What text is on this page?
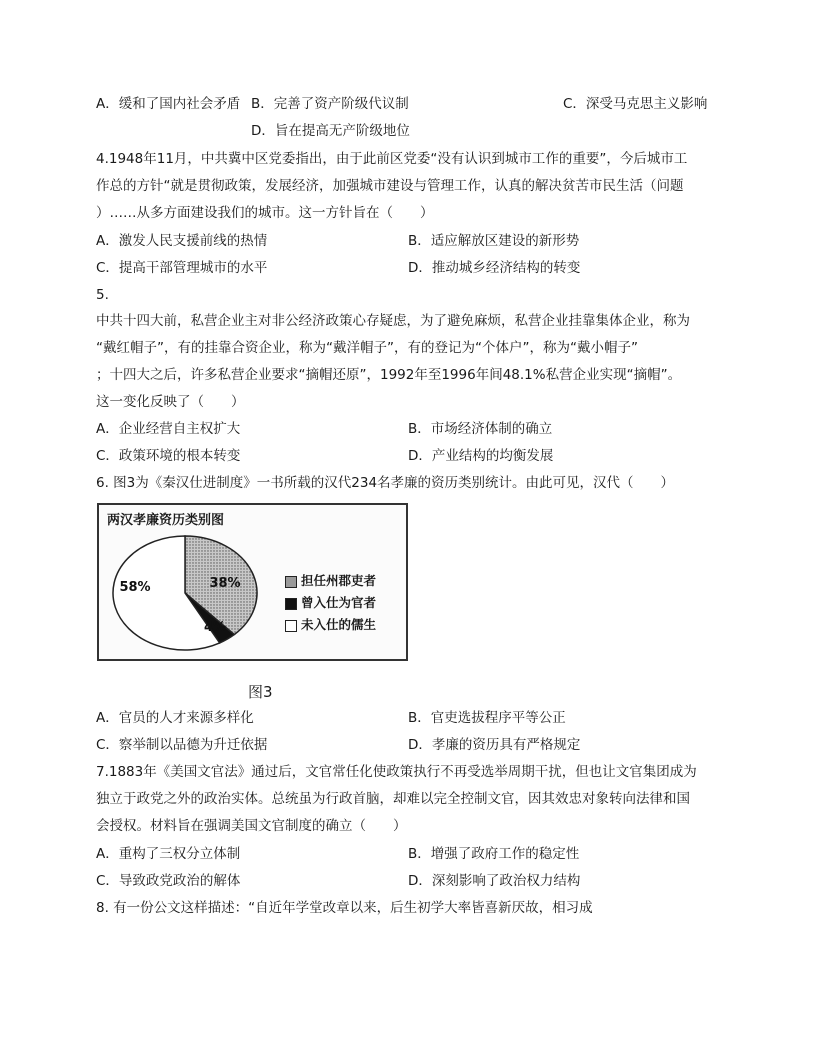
A．缓和了国内社会矛盾 B．完善了资产阶级代议制	C．深受马克思主义影响
D．旨在提高无产阶级地位
4.1948年11月，中共冀中区党委指出，由于此前区党委“没有认识到城市工作的重要”，今后城市工
作总的方针“就是贯彻政策，发展经济，加强城市建设与管理工作，认真的解决贫苦市民生活（问题
）……从多方面建设我们的城市。这一方针旨在（　　）
A．激发人民支援前线的热情	B．适应解放区建设的新形势
C．提高干部管理城市的水平	D．推动城乡经济结构的转变
5.
中共十四大前，私营企业主对非公经济政策心存疑虑，为了避免麻烦，私营企业挂靠集体企业，称为
“戴红帽子”，有的挂靠合资企业，称为“戴洋帽子”，有的登记为“个体户”，称为“戴小帽子”
；十四大之后，许多私营企业要求“摘帽还原”，1992年至1996年间48.1%私营企业实现“摘帽”。
这一变化反映了（　　）
A．企业经营自主权扩大	B．市场经济体制的确立
C．政策环境的根本转变	D．产业结构的均衡发展
6. 图3为《秦汉仕进制度》一书所载的汉代234名孝廉的资历类别统计。由此可见，汉代（　　）
两汉孝廉资历类别图
38%
4%
58%	担任州郡吏者
曾入仕为官者
未入仕的儒生
图3
A．官员的人才来源多样化	B．官吏选拔程序平等公正
C．察举制以品德为升迁依据	D．孝廉的资历具有严格规定
7.1883年《美国文官法》通过后，文官常任化使政策执行不再受选举周期干扰，但也让文官集团成为
独立于政党之外的政治实体。总统虽为行政首脑，却难以完全控制文官，因其效忠对象转向法律和国
会授权。材料旨在强调美国文官制度的确立（　　）
A．重构了三权分立体制	B．增强了政府工作的稳定性
C．导致政党政治的解体	D．深刻影响了政治权力结构
8. 有一份公文这样描述：“自近年学堂改章以来，后生初学大率皆喜新厌故，相习成
